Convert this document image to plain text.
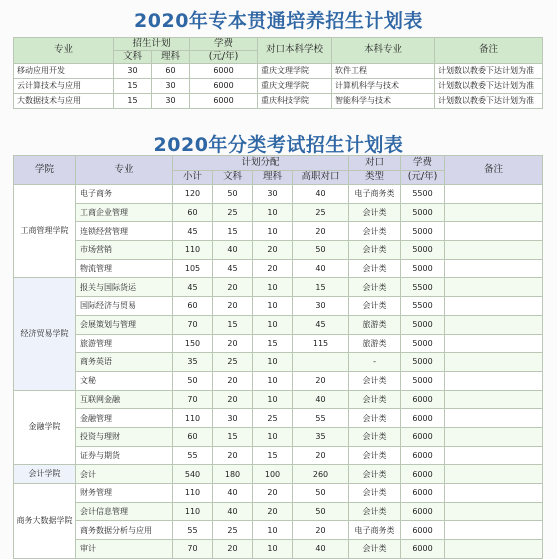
2020年专本贯通培养招生计划表
专业	招生计划		学费	对口本科学校	本科专业	备注
	文科	理科	(元/年)			
移动应用开发	30	60	6000	重庆文理学院	软件工程	计划数以教委下达计划为准
云计算技术与应用	15	30	6000	重庆文理学院	计算机科学与技术	计划数以教委下达计划为准
大数据技术与应用	15	30	6000	重庆科技学院	智能科学与技术	计划数以教委下达计划为准
2020年分类考试招生计划表
学院	专业	计划分配				对口	学费	备注
		小计	文科	理科	高职对口	类型	(元/年)	
工商管理学院	电子商务	120	50	30	40	电子商务类	5500	
	工商企业管理	60	25	10	25	会计类	5000	
	连锁经营管理	45	15	10	20	会计类	5000	
	市场营销	110	40	20	50	会计类	5000	
	物流管理	105	45	20	40	会计类	5000	
经济贸易学院	报关与国际货运	45	20	10	15	会计类	5500	
	国际经济与贸易	60	20	10	30	会计类	5500	
	会展策划与管理	70	15	10	45	旅游类	5000	
	旅游管理	150	20	15	115	旅游类	5000	
	商务英语	35	25	10		-	5000	
	文秘	50	20	10	20	会计类	5000	
金融学院	互联网金融	70	20	10	40	会计类	6000	
	金融管理	110	30	25	55	会计类	6000	
	投资与理财	60	15	10	35	会计类	6000	
	证券与期货	55	20	15	20	会计类	6000	
会计学院	会计	540	180	100	260	会计类	6000	
商务大数据学院	财务管理	110	40	20	50	会计类	6000	
	会计信息管理	110	40	20	50	会计类	6000	
	商务数据分析与应用	55	25	10	20	电子商务类	6000	
	审计	70	20	10	40	会计类	6000	
